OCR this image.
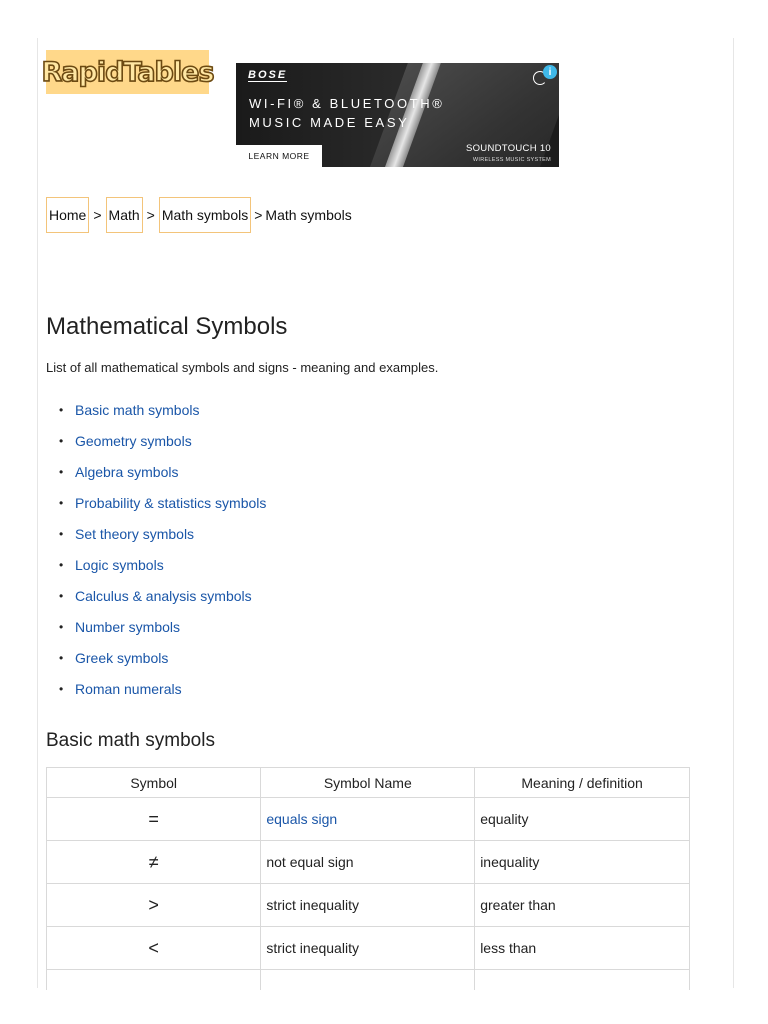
RapidTables	BOSE
WI-FI® & BLUETOOTH®
MUSIC MADE EASY
LEARN MORE
SOUNDTOUCH 10
WIRELESS MUSIC SYSTEM
i
Home > Math > Math symbols > Math symbols
Mathematical Symbols
List of all mathematical symbols and signs - meaning and examples.
• Basic math symbols
• Geometry symbols
• Algebra symbols
• Probability & statistics symbols
• Set theory symbols
• Logic symbols
• Calculus & analysis symbols
• Number symbols
• Greek symbols
• Roman numerals
Basic math symbols
Symbol	Symbol Name	Meaning / definition
=	equals sign	equality
≠	not equal sign	inequality
>	strict inequality	greater than
<	strict inequality	less than
